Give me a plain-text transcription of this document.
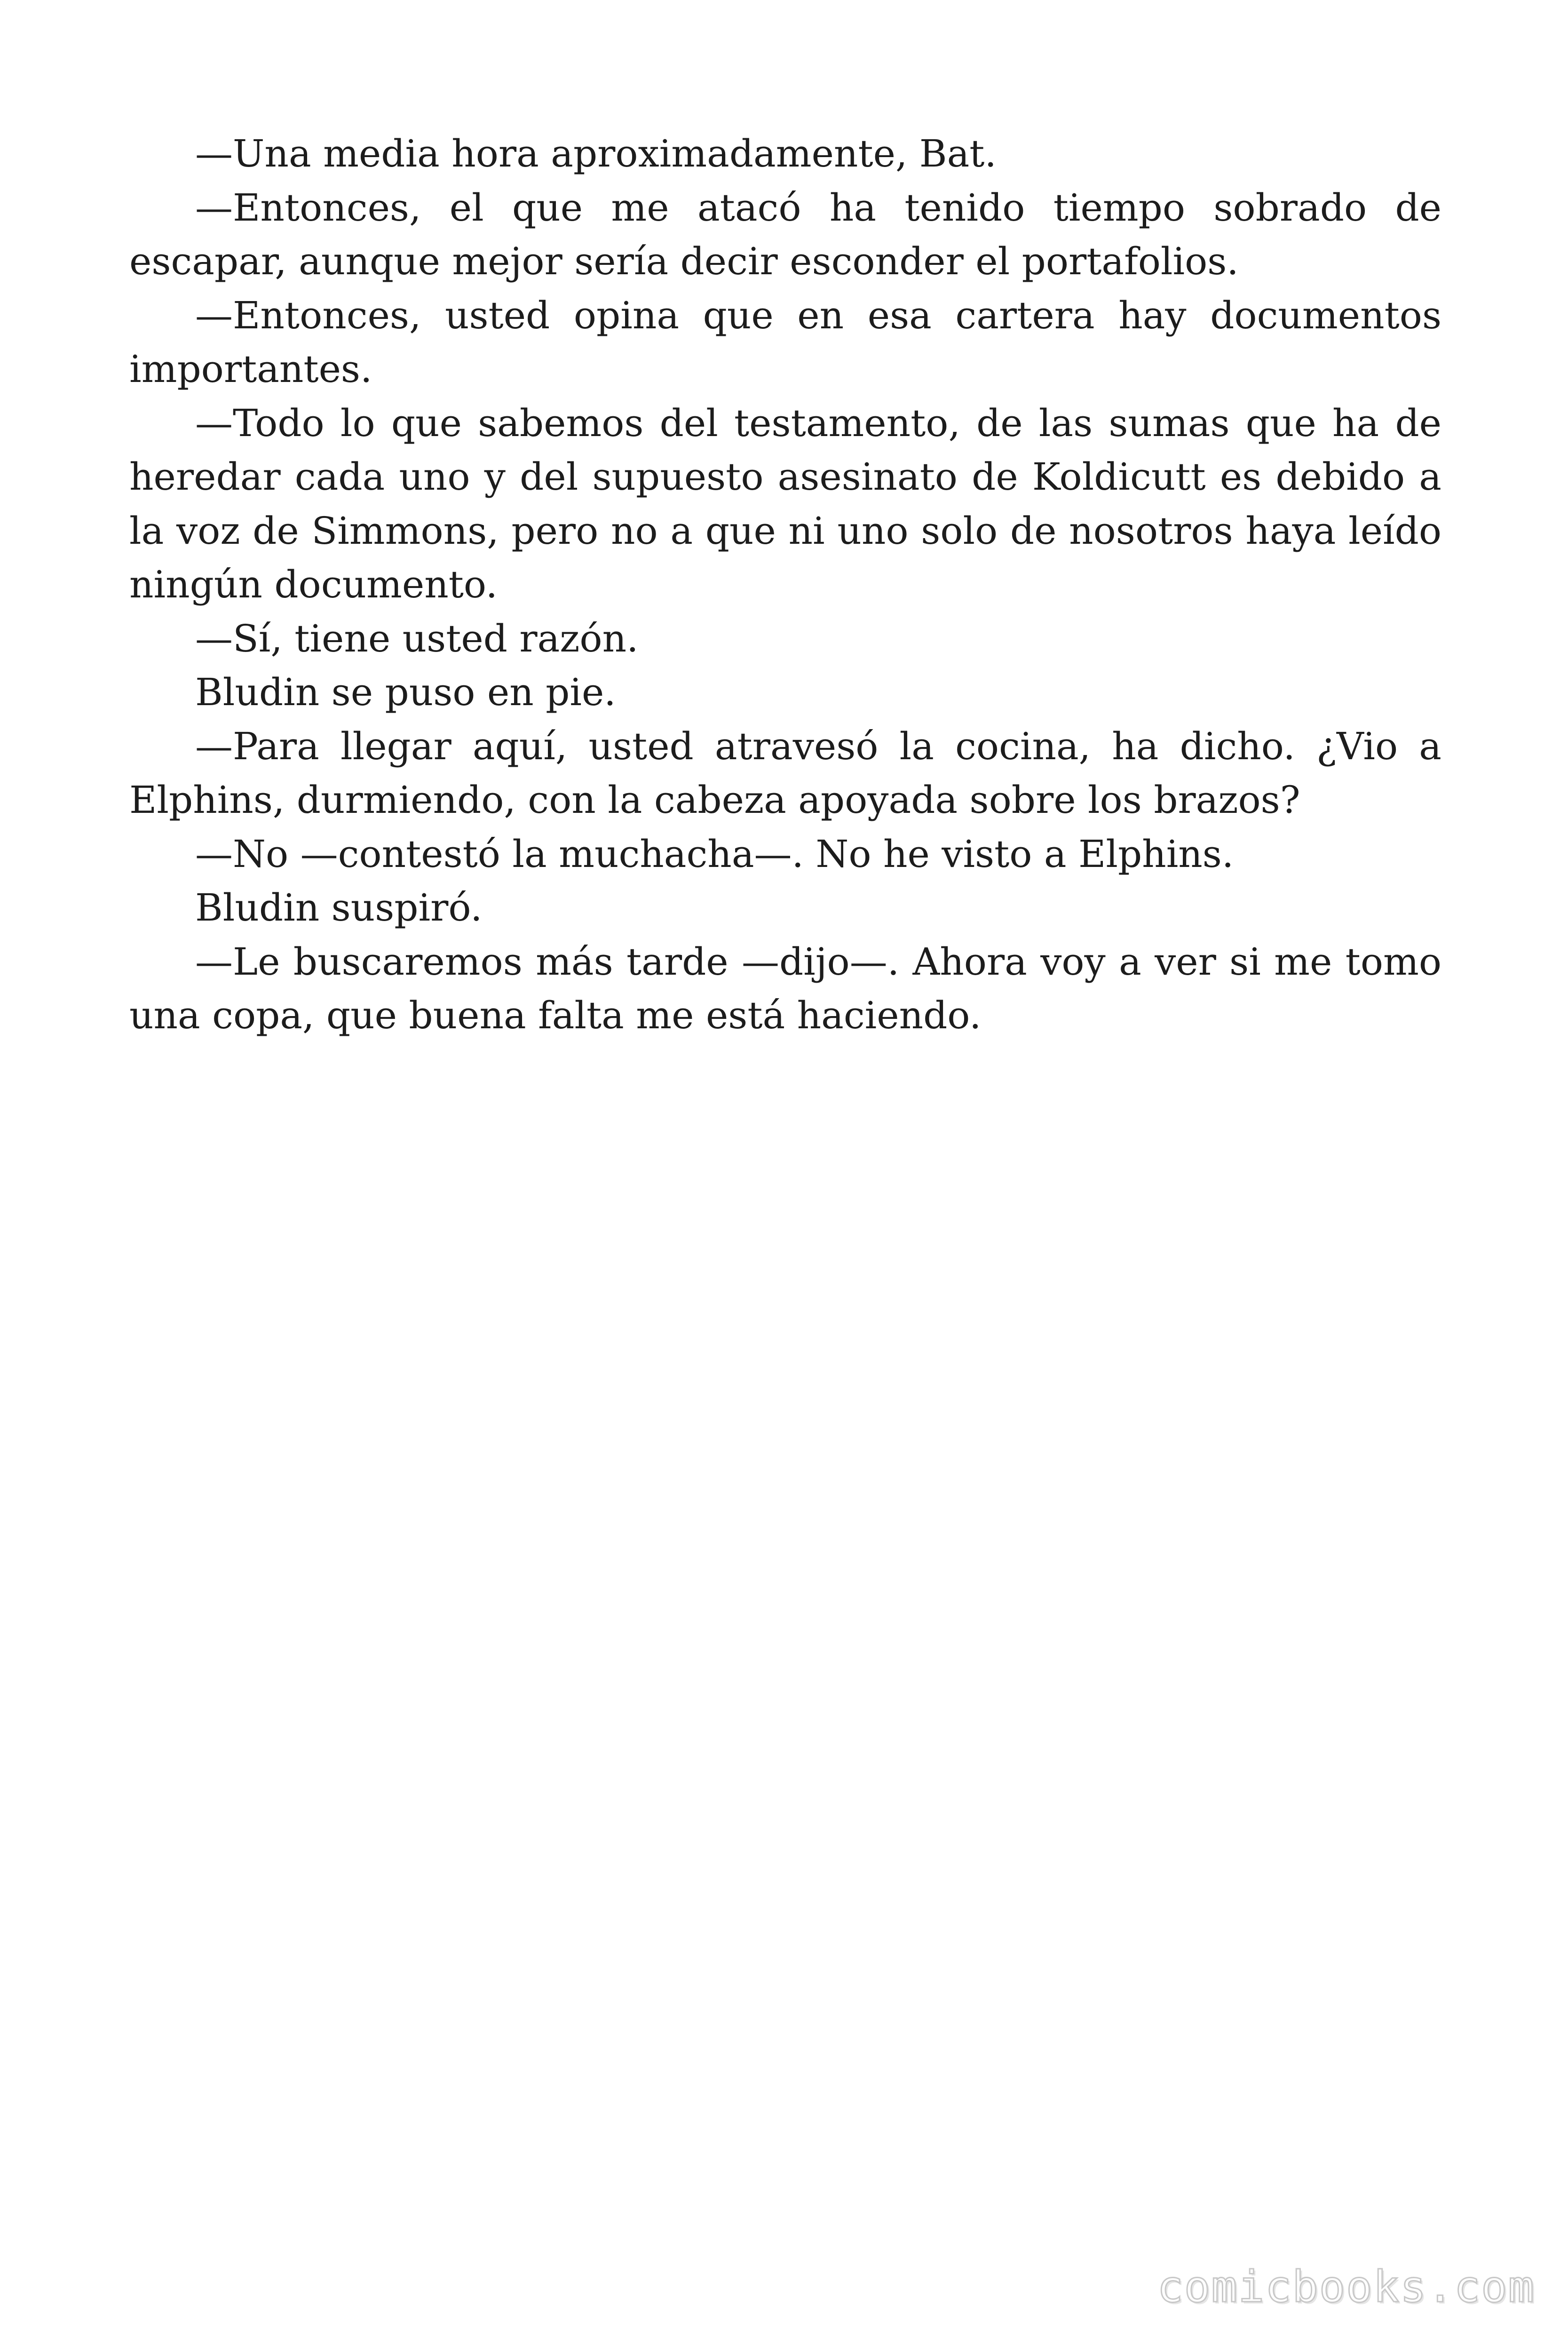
—Una media hora aproximadamente, Bat.

—Entonces, el que me atacó ha tenido tiempo sobrado de escapar, aunque mejor sería decir esconder el portafolios.

—Entonces, usted opina que en esa cartera hay documentos importantes.

—Todo lo que sabemos del testamento, de las sumas que ha de heredar cada uno y del supuesto asesinato de Koldicutt es debido a la voz de Simmons, pero no a que ni uno solo de nosotros haya leído ningún documento.

—Sí, tiene usted razón.

Bludin se puso en pie.

—Para llegar aquí, usted atravesó la cocina, ha dicho. ¿Vio a Elphins, durmiendo, con la cabeza apoyada sobre los brazos?

—No —contestó la muchacha—. No he visto a Elphins.

Bludin suspiró.

—Le buscaremos más tarde —dijo—. Ahora voy a ver si me tomo una copa, que buena falta me está haciendo.

comicbooks.com
